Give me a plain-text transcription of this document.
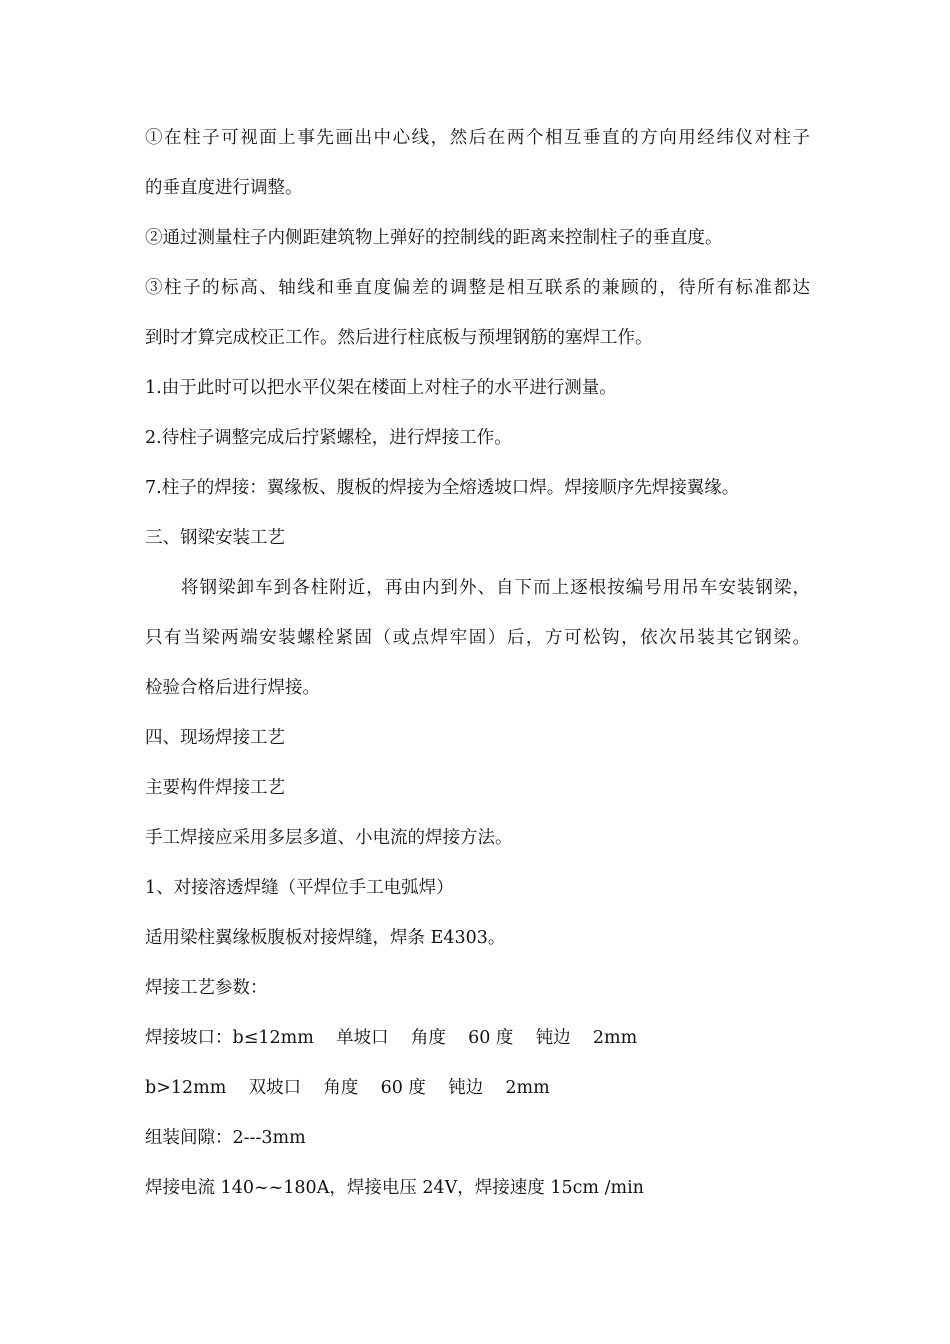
①在柱子可视面上事先画出中心线，然后在两个相互垂直的方向用经纬仪对柱子
的垂直度进行调整。
②通过测量柱子内侧距建筑物上弹好的控制线的距离来控制柱子的垂直度。
③柱子的标高、轴线和垂直度偏差的调整是相互联系的兼顾的，待所有标准都达
到时才算完成校正工作。然后进行柱底板与预埋钢筋的塞焊工作。
1.由于此时可以把水平仪架在楼面上对柱子的水平进行测量。
2.待柱子调整完成后拧紧螺栓，进行焊接工作。
7.柱子的焊接：翼缘板、腹板的焊接为全熔透坡口焊。焊接顺序先焊接翼缘。
三、钢梁安装工艺
将钢梁卸车到各柱附近，再由内到外、自下而上逐根按编号用吊车安装钢梁，
只有当梁两端安装螺栓紧固（或点焊牢固）后，方可松钩，依次吊装其它钢梁。
检验合格后进行焊接。
四、现场焊接工艺
主要构件焊接工艺
手工焊接应采用多层多道、小电流的焊接方法。
1、对接溶透焊缝（平焊位手工电弧焊）
适用梁柱翼缘板腹板对接焊缝，焊条 E4303。
焊接工艺参数：
焊接坡口：b≤12mm    单坡口    角度    60 度    钝边    2mm
b>12mm    双坡口    角度    60 度    钝边    2mm
组装间隙：2---3mm
焊接电流 140~~180A，焊接电压 24V，焊接速度 15cm /min
